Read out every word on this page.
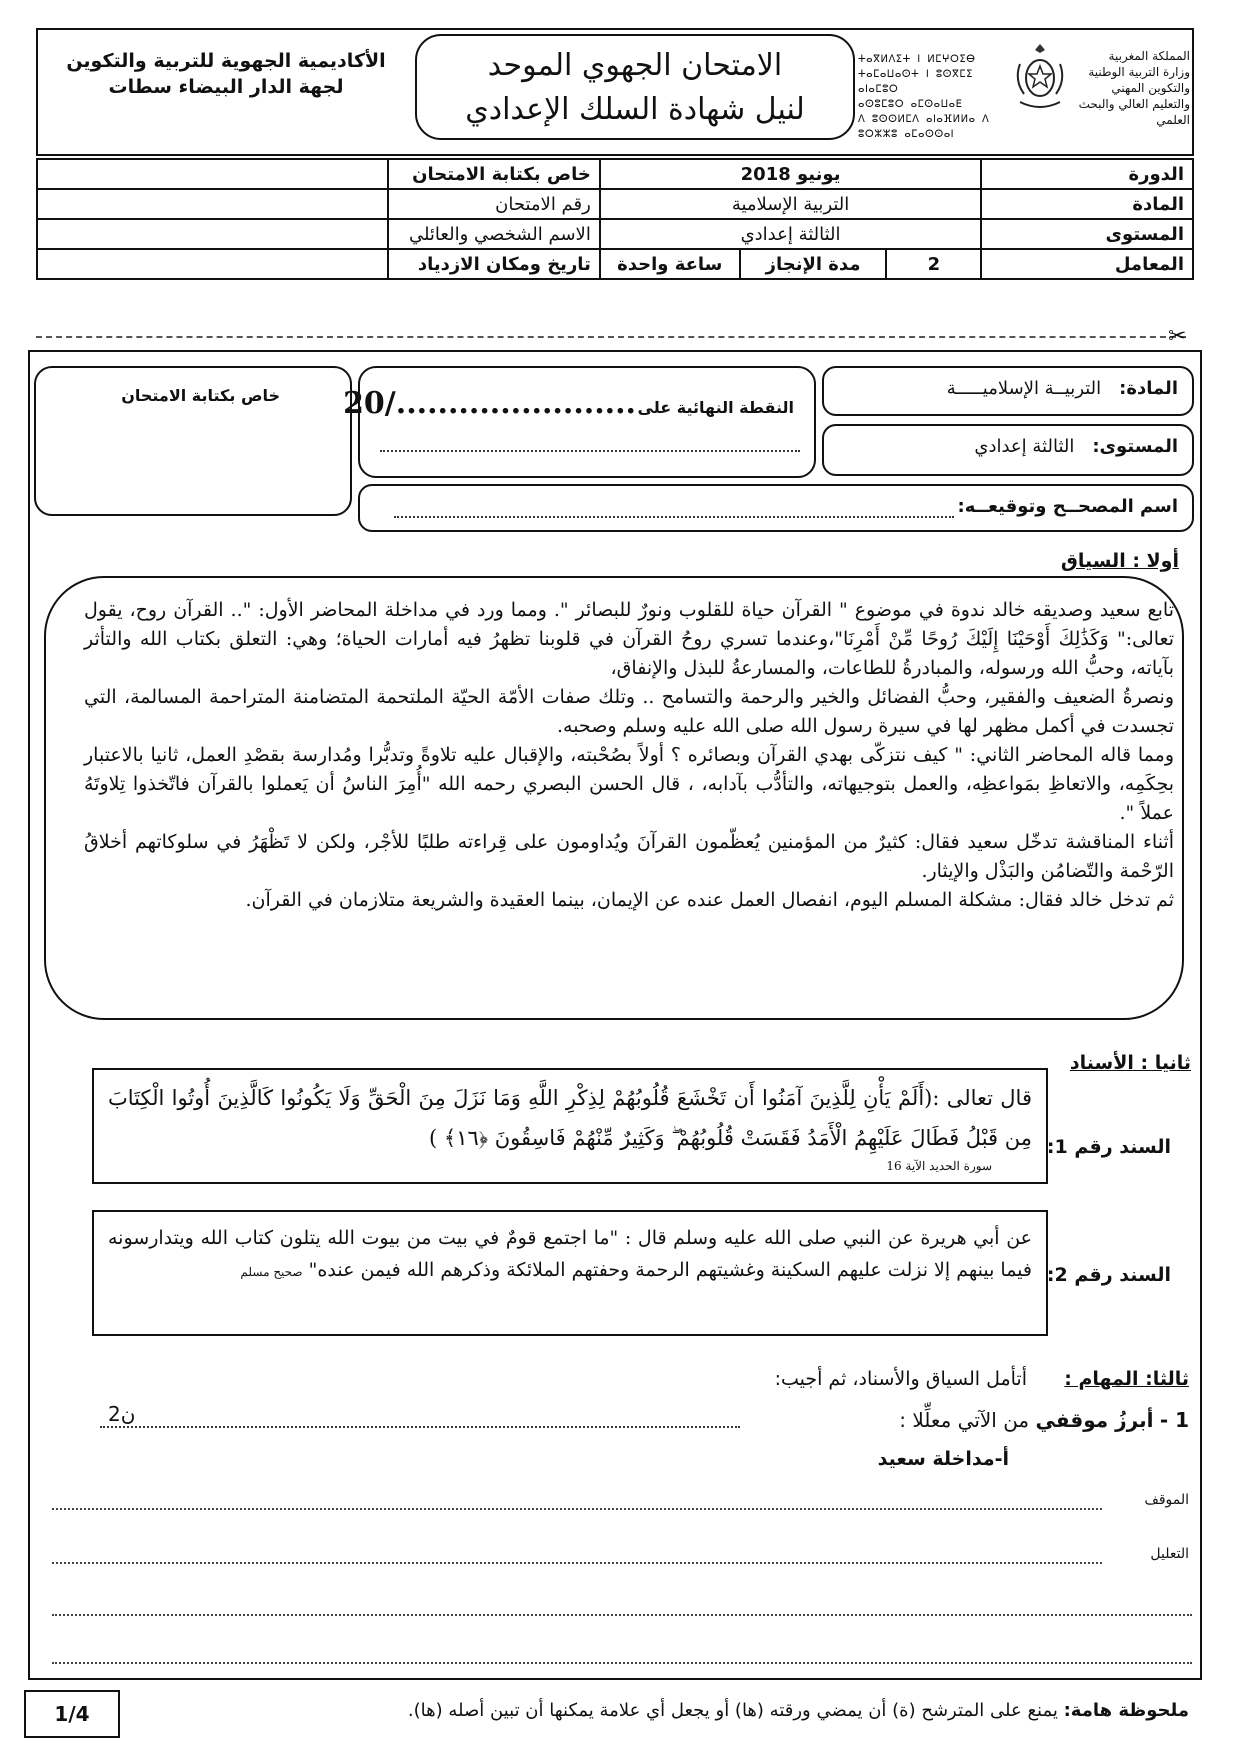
الأكاديمية الجهوية للتربية والتكوين
لجهة الدار البيضاء سطات
الامتحان الجهوي الموحد
لنيل شهادة السلك الإعدادي
ⵜⴰⴳⵍⴷⵉⵜ ⵏ ⵍⵎⵖⵔⵉⴱ
ⵜⴰⵎⴰⵡⴰⵙⵜ ⵏ ⵓⵙⴳⵎⵉ ⴰⵏⴰⵎⵓⵔ
ⴰⵙⵓⵎⵓⵔ ⴰⵎⵙⴰⵡⴰⴹ
ⴷ ⵓⵙⵙⵍⵎⴷ ⴰⵏⴰⴼⵍⵍⴰ ⴷ ⵓⵔⵣⵣⵓ ⴰⵎⴰⵙⵙⴰⵏ
المملكة المغربية
وزارة التربية الوطنية
والتكوين المهني
والتعليم العالي والبحث العلمي
	خاص بكتابة الامتحان	يونيو 2018			الدورة
	رقم الامتحان	التربية الإسلامية			المادة
	الاسم الشخصي والعائلي	الثالثة إعدادي			المستوى
	تاريخ ومكان الازدياد	ساعة واحدة	مدة الإنجاز	2	المعامل
✂
خاص بكتابة الامتحان
النقطة النهائية على
20/.......................	المادة:التربيــة الإسلاميـــــة
المستوى:الثالثة إعدادي
اسم المصحــح وتوقيعــه:
أولا : السياق

تابع سعيد وصديقه خالد ندوة في موضوع " القرآن حياة للقلوب ونورٌ للبصائر ". ومما ورد في مداخلة المحاضر الأول: ".. القرآن روح، يقول تعالى:" وَكَذَٰلِكَ أَوْحَيْنَا إِلَيْكَ رُوحًا مِّنْ أَمْرِنَا"،وعندما تسري روحُ القرآن في قلوبنا تظهرُ فيه أمارات الحياة؛ وهي: التعلق بكتاب الله والتأثر بآياته، وحبُّ الله ورسوله، والمبادرةُ للطاعات، والمسارعةُ للبذل والإنفاق،

ونصرةُ الضعيف والفقير، وحبُّ الفضائل والخير والرحمة والتسامح .. وتلك صفات الأمّة الحيّة الملتحمة المتضامنة المتراحمة المسالمة، التي تجسدت في أكمل مظهر لها في سيرة رسول الله صلى الله عليه وسلم وصحبه.

ومما قاله المحاضر الثاني: " كيف نتزكّى بهدي القرآن وبصائره ؟ أولاً بصُحْبته، والإقبال عليه تلاوةً وتدبُّرا ومُدارسة بقصْدِ العمل، ثانيا بالاعتبار بحِكَمِه، والاتعاظِ بمَواعظِه، والعمل بتوجيهاته، والتأدُّب بآدابه، ، قال الحسن البصري رحمه الله "أُمِرَ الناسُ أن يَعملوا بالقرآن فاتّخذوا تِلاوتَهُ عملاً ".

أثناء المناقشة تدخّل سعيد فقال: كثيرٌ من المؤمنين يُعظّمون القرآنَ ويُداومون على قِراءته طلبًا للأجْر، ولكن لا تَظْهَرُ في سلوكاتهم أخلاقُ الرّحْمة والتّضامُن والبَذْل والإيثار.

ثم تدخل خالد فقال: مشكلة المسلم اليوم، انفصال العمل عنده عن الإيمان، بينما العقيدة والشريعة متلازمان في القرآن.

ثانيا : الأسناد
السند رقم 1:
قال تعالى :(أَلَمْ يَأْنِ لِلَّذِينَ آمَنُوا أَن تَخْشَعَ قُلُوبُهُمْ لِذِكْرِ اللَّهِ وَمَا نَزَلَ مِنَ الْحَقِّ وَلَا يَكُونُوا كَالَّذِينَ أُوتُوا الْكِتَابَ مِن قَبْلُ فَطَالَ عَلَيْهِمُ الْأَمَدُ فَقَسَتْ قُلُوبُهُمْ ۖ وَكَثِيرٌ مِّنْهُمْ فَاسِقُونَ ﴿١٦﴾ )
سورة الحديد الآية 16
السند رقم 2:
عن أبي هريرة عن النبي صلى الله عليه وسلم قال : "ما اجتمع قومٌ في بيت من بيوت الله يتلون كتاب الله ويتدارسونه فيما بينهم إلا نزلت عليهم السكينة وغشيتهم الرحمة وحفتهم الملائكة وذكرهم الله فيمن عنده" صحيح مسلم
ثالثا: المهام :
أتأمل السياق والأسناد، ثم أجيب:
1 - أبرزُ موقفي من الآتي معلِّلا :
2ن
أ-مداخلة سعيد
الموقف
التعليل
1/4	ملحوظة هامة: يمنع على المترشح (ة) أن يمضي ورقته (ها) أو يجعل أي علامة يمكنها أن تبين أصله (ها).
